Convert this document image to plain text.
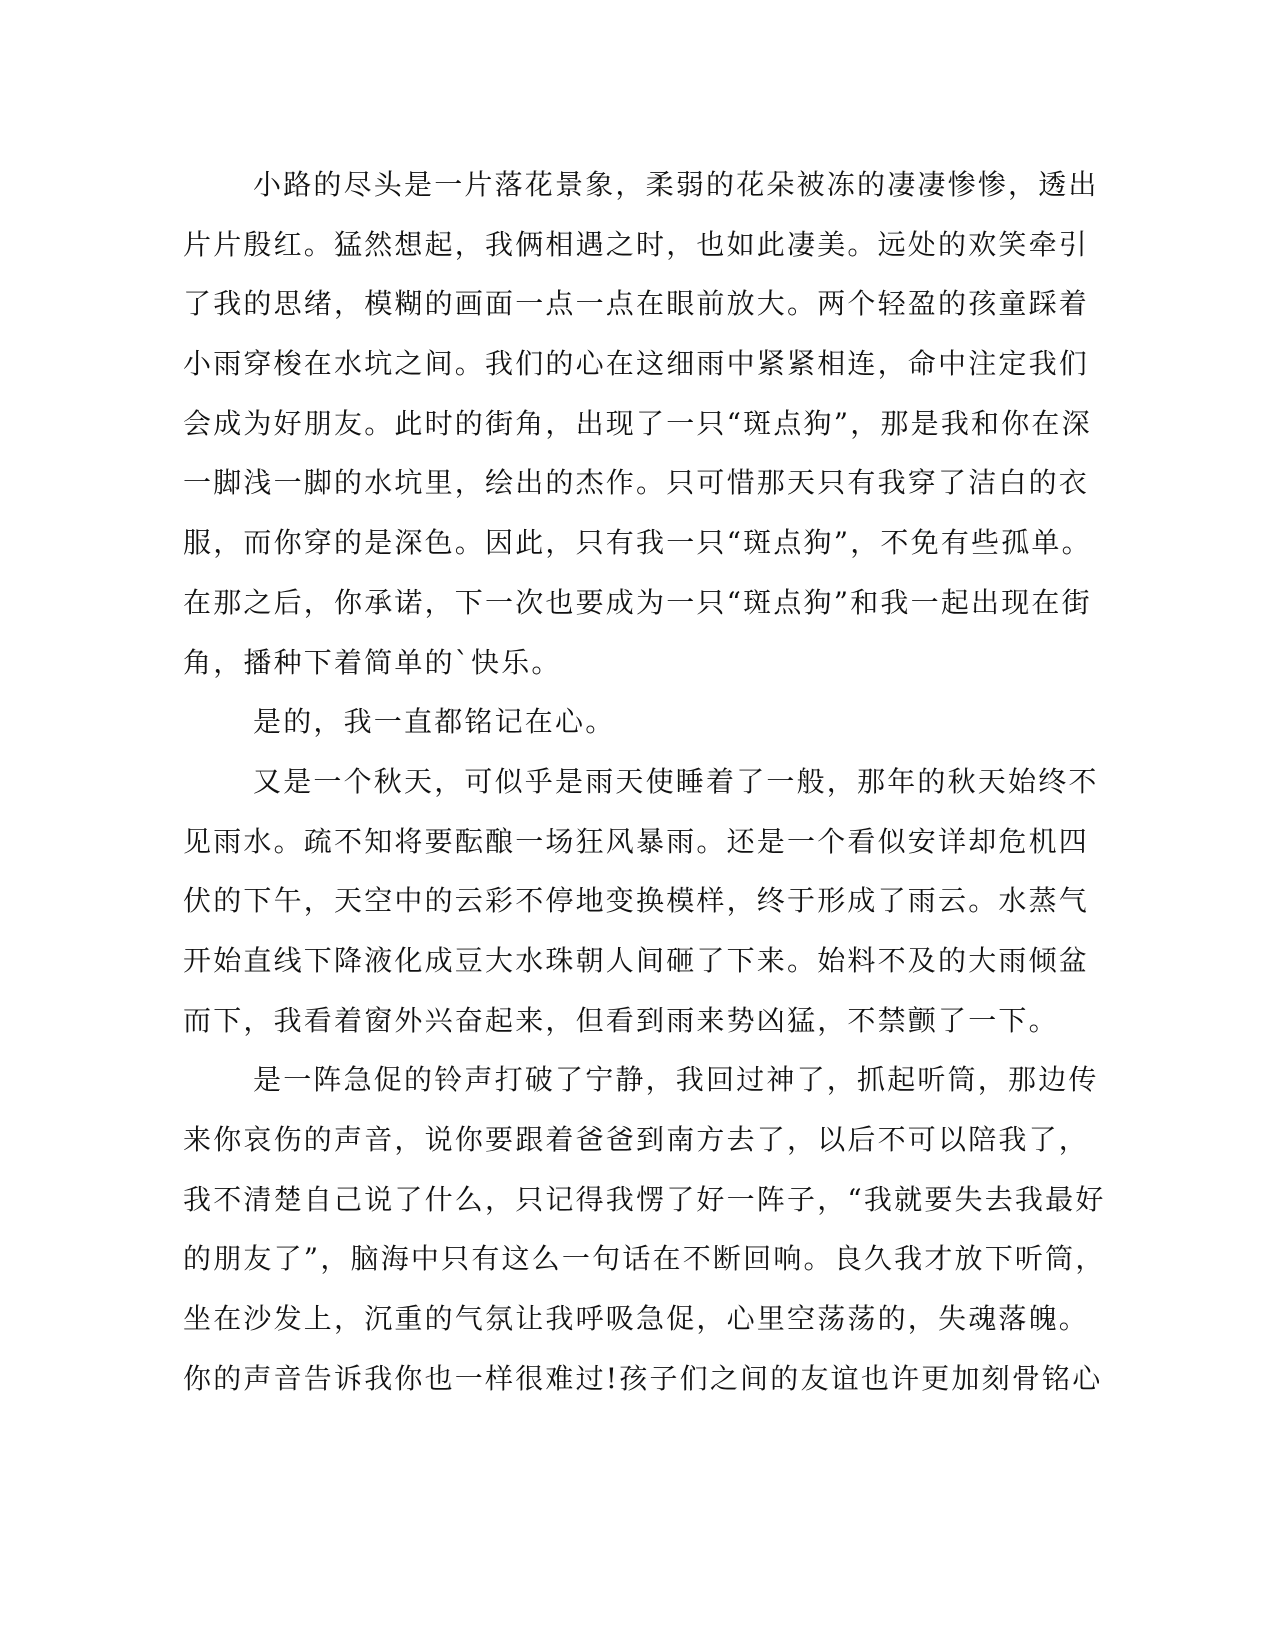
小路的尽头是一片落花景象，柔弱的花朵被冻的凄凄惨惨，透出
片片殷红。猛然想起，我俩相遇之时，也如此凄美。远处的欢笑牵引
了我的思绪，模糊的画面一点一点在眼前放大。两个轻盈的孩童踩着
小雨穿梭在水坑之间。我们的心在这细雨中紧紧相连，命中注定我们
会成为好朋友。此时的街角，出现了一只“斑点狗”，那是我和你在深
一脚浅一脚的水坑里，绘出的杰作。只可惜那天只有我穿了洁白的衣
服，而你穿的是深色。因此，只有我一只“斑点狗”，不免有些孤单。
在那之后，你承诺，下一次也要成为一只“斑点狗”和我一起出现在街
角，播种下着简单的`快乐。
是的，我一直都铭记在心。
又是一个秋天，可似乎是雨天使睡着了一般，那年的秋天始终不
见雨水。疏不知将要酝酿一场狂风暴雨。还是一个看似安详却危机四
伏的下午，天空中的云彩不停地变换模样，终于形成了雨云。水蒸气
开始直线下降液化成豆大水珠朝人间砸了下来。始料不及的大雨倾盆
而下，我看着窗外兴奋起来，但看到雨来势凶猛，不禁颤了一下。
是一阵急促的铃声打破了宁静，我回过神了，抓起听筒，那边传
来你哀伤的声音，说你要跟着爸爸到南方去了，以后不可以陪我了，
我不清楚自己说了什么，只记得我愣了好一阵子，“我就要失去我最好
的朋友了”，脑海中只有这么一句话在不断回响。良久我才放下听筒，
坐在沙发上，沉重的气氛让我呼吸急促，心里空荡荡的，失魂落魄。
你的声音告诉我你也一样很难过!孩子们之间的友谊也许更加刻骨铭心
